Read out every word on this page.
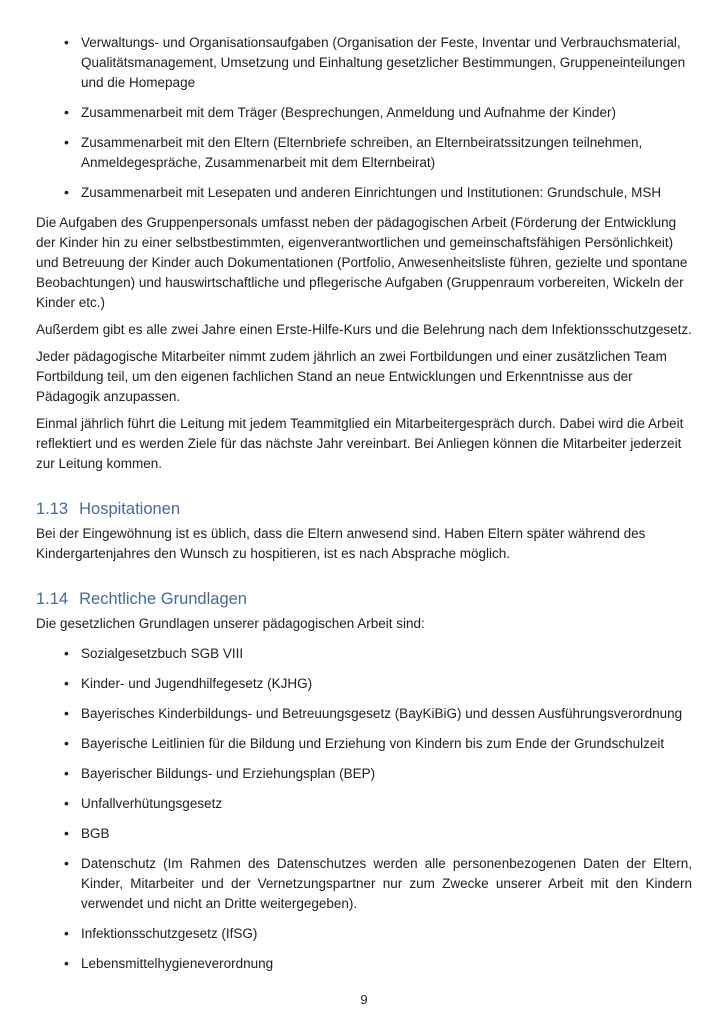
• Verwaltungs- und Organisationsaufgaben (Organisation der Feste, Inventar und Verbrauchsmaterial, Qualitätsmanagement, Umsetzung und Einhaltung gesetzlicher Bestimmungen, Gruppeneinteilungen und die Homepage
• Zusammenarbeit mit dem Träger (Besprechungen, Anmeldung und Aufnahme der Kinder)
• Zusammenarbeit mit den Eltern (Elternbriefe schreiben, an Elternbeiratssitzungen teilnehmen, Anmeldegespräche, Zusammenarbeit mit dem Elternbeirat)
• Zusammenarbeit mit Lesepaten und anderen Einrichtungen und Institutionen: Grundschule, MSH

Die Aufgaben des Gruppenpersonals umfasst neben der pädagogischen Arbeit (Förderung der Entwicklung der Kinder hin zu einer selbstbestimmten, eigenverantwortlichen und gemeinschaftsfähigen Persönlichkeit) und Betreuung der Kinder auch Dokumentationen (Portfolio, Anwesenheitsliste führen, gezielte und spontane Beobachtungen) und hauswirtschaftliche und pflegerische Aufgaben (Gruppenraum vorbereiten, Wickeln der Kinder etc.)

Außerdem gibt es alle zwei Jahre einen Erste-Hilfe-Kurs und die Belehrung nach dem Infektionsschutzgesetz.

Jeder pädagogische Mitarbeiter nimmt zudem jährlich an zwei Fortbildungen und einer zusätzlichen Team Fortbildung teil, um den eigenen fachlichen Stand an neue Entwicklungen und Erkenntnisse aus der Pädagogik anzupassen.

Einmal jährlich führt die Leitung mit jedem Teammitglied ein Mitarbeitergespräch durch. Dabei wird die Arbeit reflektiert und es werden Ziele für das nächste Jahr vereinbart. Bei Anliegen können die Mitarbeiter jederzeit zur Leitung kommen.

1.13 Hospitationen

Bei der Eingewöhnung ist es üblich, dass die Eltern anwesend sind. Haben Eltern später während des Kindergartenjahres den Wunsch zu hospitieren, ist es nach Absprache möglich.

1.14 Rechtliche Grundlagen

Die gesetzlichen Grundlagen unserer pädagogischen Arbeit sind:

• Sozialgesetzbuch SGB VIII
• Kinder- und Jugendhilfegesetz (KJHG)
• Bayerisches Kinderbildungs- und Betreuungsgesetz (BayKiBiG) und dessen Ausführungsverordnung
• Bayerische Leitlinien für die Bildung und Erziehung von Kindern bis zum Ende der Grundschulzeit
• Bayerischer Bildungs- und Erziehungsplan (BEP)
• Unfallverhütungsgesetz
• BGB
• Datenschutz (Im Rahmen des Datenschutzes werden alle personenbezogenen Daten der Eltern, Kinder, Mitarbeiter und der Vernetzungspartner nur zum Zwecke unserer Arbeit mit den Kindern verwendet und nicht an Dritte weitergegeben).
• Infektionsschutzgesetz (IfSG)
• Lebensmittelhygieneverordnung
9
